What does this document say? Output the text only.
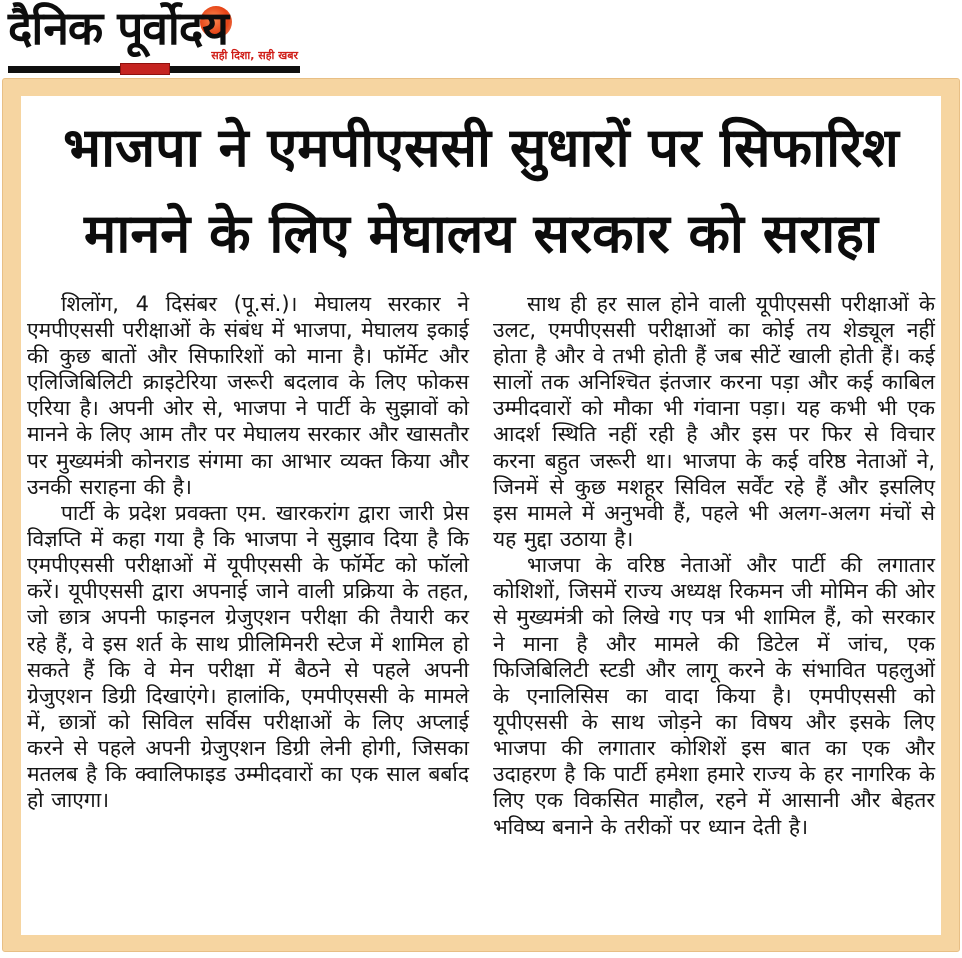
दैनिक पूर्वोदय
सही दिशा, सही खबर
भाजपा ने एमपीएससी सुधारों पर सिफारिश
मानने के लिए मेघालय सरकार को सराहा

शिलोंग, 4 दिसंबर (पू.सं.)। मेघालय सरकार ने एमपीएससी परीक्षाओं के संबंध में भाजपा, मेघालय इकाई की कुछ बातों और सिफारिशों को माना है। फॉर्मेट और एलिजिबिलिटी क्राइटेरिया जरूरी बदलाव के लिए फोकस एरिया है। अपनी ओर से, भाजपा ने पार्टी के सुझावों को मानने के लिए आम तौर पर मेघालय सरकार और खासतौर पर मुख्यमंत्री कोनराड संगमा का आभार व्यक्त किया और उनकी सराहना की है।

पार्टी के प्रदेश प्रवक्ता एम. खारकरांग द्वारा जारी प्रेस विज्ञप्ति में कहा गया है कि भाजपा ने सुझाव दिया है कि एमपीएससी परीक्षाओं में यूपीएससी के फॉर्मेट को फॉलो करें। यूपीएससी द्वारा अपनाई जाने वाली प्रक्रिया के तहत, जो छात्र अपनी फाइनल ग्रेजुएशन परीक्षा की तैयारी कर रहे हैं, वे इस शर्त के साथ प्रीलिमिनरी स्टेज में शामिल हो सकते हैं कि वे मेन परीक्षा में बैठने से पहले अपनी ग्रेजुएशन डिग्री दिखाएंगे। हालांकि, एमपीएससी के मामले में, छात्रों को सिविल सर्विस परीक्षाओं के लिए अप्लाई करने से पहले अपनी ग्रेजुएशन डिग्री लेनी होगी, जिसका मतलब है कि क्वालिफाइड उम्मीदवारों का एक साल बर्बाद हो जाएगा।

साथ ही हर साल होने वाली यूपीएससी परीक्षाओं के उलट, एमपीएससी परीक्षाओं का कोई तय शेड्यूल नहीं होता है और वे तभी होती हैं जब सीटें खाली होती हैं। कई सालों तक अनिश्चित इंतजार करना पड़ा और कई काबिल उम्मीदवारों को मौका भी गंवाना पड़ा। यह कभी भी एक आदर्श स्थिति नहीं रही है और इस पर फिर से विचार करना बहुत जरूरी था। भाजपा के कई वरिष्ठ नेताओं ने, जिनमें से कुछ मशहूर सिविल सर्वेंट रहे हैं और इसलिए इस मामले में अनुभवी हैं, पहले भी अलग-अलग मंचों से यह मुद्दा उठाया है।

भाजपा के वरिष्ठ नेताओं और पार्टी की लगातार कोशिशों, जिसमें राज्य अध्यक्ष रिकमन जी मोमिन की ओर से मुख्यमंत्री को लिखे गए पत्र भी शामिल हैं, को सरकार ने माना है और मामले की डिटेल में जांच, एक फिजिबिलिटी स्टडी और लागू करने के संभावित पहलुओं के एनालिसिस का वादा किया है। एमपीएससी को यूपीएससी के साथ जोड़ने का विषय और इसके लिए भाजपा की लगातार कोशिशें इस बात का एक और उदाहरण है कि पार्टी हमेशा हमारे राज्य के हर नागरिक के लिए एक विकसित माहौल, रहने में आसानी और बेहतर भविष्य बनाने के तरीकों पर ध्यान देती है।
